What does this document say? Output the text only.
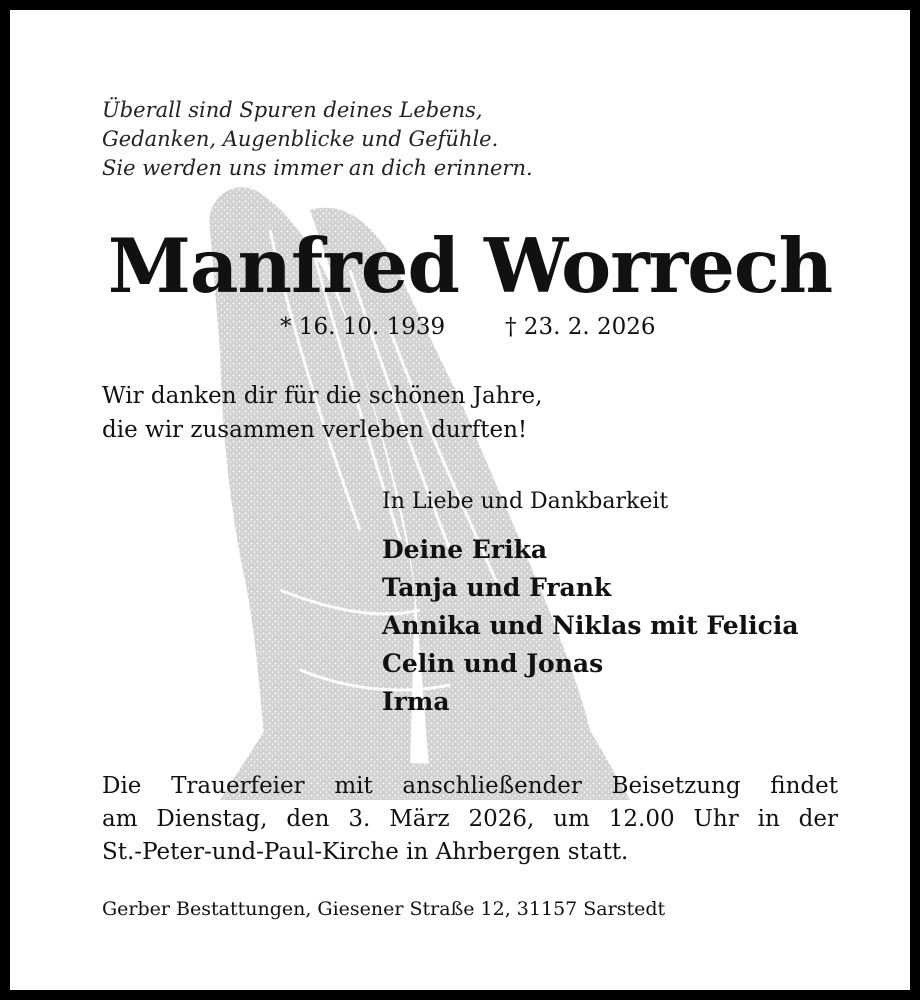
Überall sind Spuren deines Lebens,
Gedanken, Augenblicke und Gefühle.
Sie werden uns immer an dich erinnern.
Manfred Worrech
* 16. 10. 1939	† 23. 2. 2026
Wir danken dir für die schönen Jahre,
die wir zusammen verleben durften!
In Liebe und Dankbarkeit
Deine Erika
Tanja und Frank
Annika und Niklas mit Felicia
Celin und Jonas
Irma
Die Trauerfeier mit anschließender Beisetzung findet
am Dienstag, den 3. März 2026, um 12.00 Uhr in der
St.-Peter-und-Paul-Kirche in Ahrbergen statt.
Gerber Bestattungen, Giesener Straße 12, 31157 Sarstedt
